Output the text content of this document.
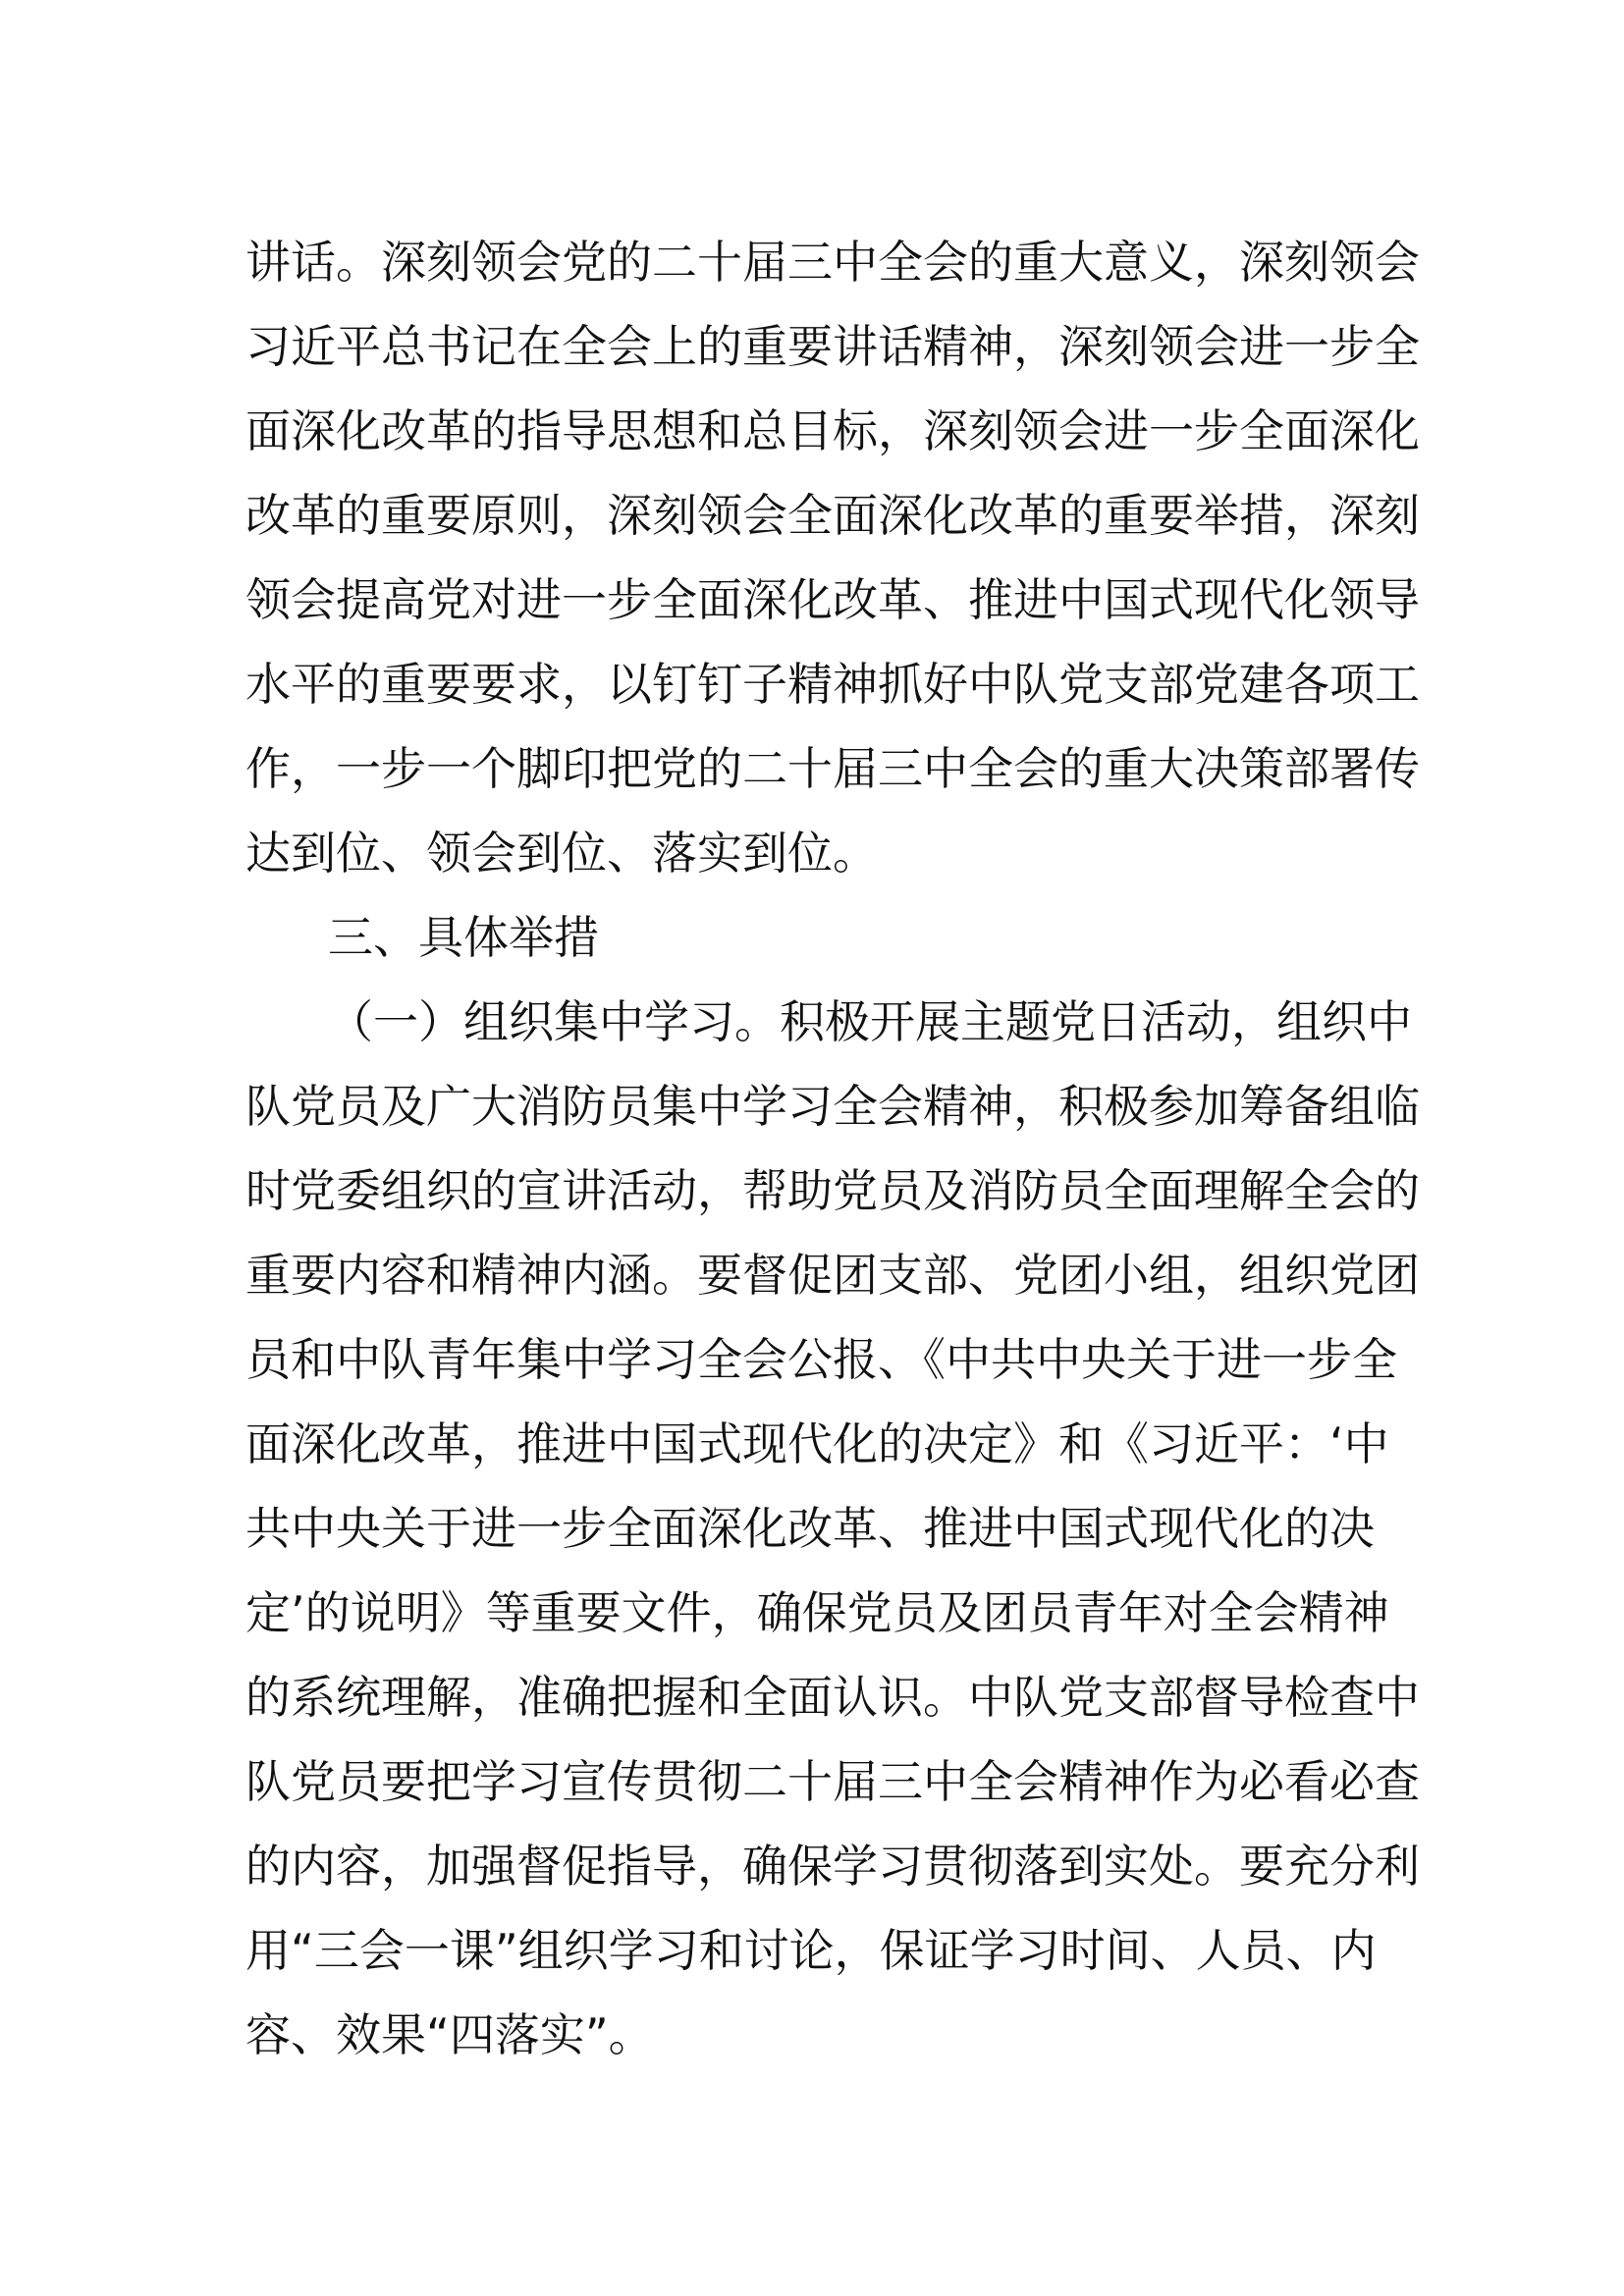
讲话。深刻领会党的二十届三中全会的重大意义，深刻领会
习近平总书记在全会上的重要讲话精神，深刻领会进一步全
面深化改革的指导思想和总目标，深刻领会进一步全面深化
改革的重要原则，深刻领会全面深化改革的重要举措，深刻
领会提高党对进一步全面深化改革、推进中国式现代化领导
水平的重要要求，以钉钉子精神抓好中队党支部党建各项工
作，一步一个脚印把党的二十届三中全会的重大决策部署传
达到位、领会到位、落实到位。
三、具体举措
（一）组织集中学习。积极开展主题党日活动，组织中
队党员及广大消防员集中学习全会精神，积极参加筹备组临
时党委组织的宣讲活动，帮助党员及消防员全面理解全会的
重要内容和精神内涵。要督促团支部、党团小组，组织党团
员和中队青年集中学习全会公报、《中共中央关于进一步全
面深化改革，推进中国式现代化的决定》和《习近平：‘中
共中央关于进一步全面深化改革、推进中国式现代化的决
定’的说明》等重要文件，确保党员及团员青年对全会精神
的系统理解，准确把握和全面认识。中队党支部督导检查中
队党员要把学习宣传贯彻二十届三中全会精神作为必看必查
的内容，加强督促指导，确保学习贯彻落到实处。要充分利
用“三会一课”组织学习和讨论，保证学习时间、人员、内
容、效果“四落实”。
